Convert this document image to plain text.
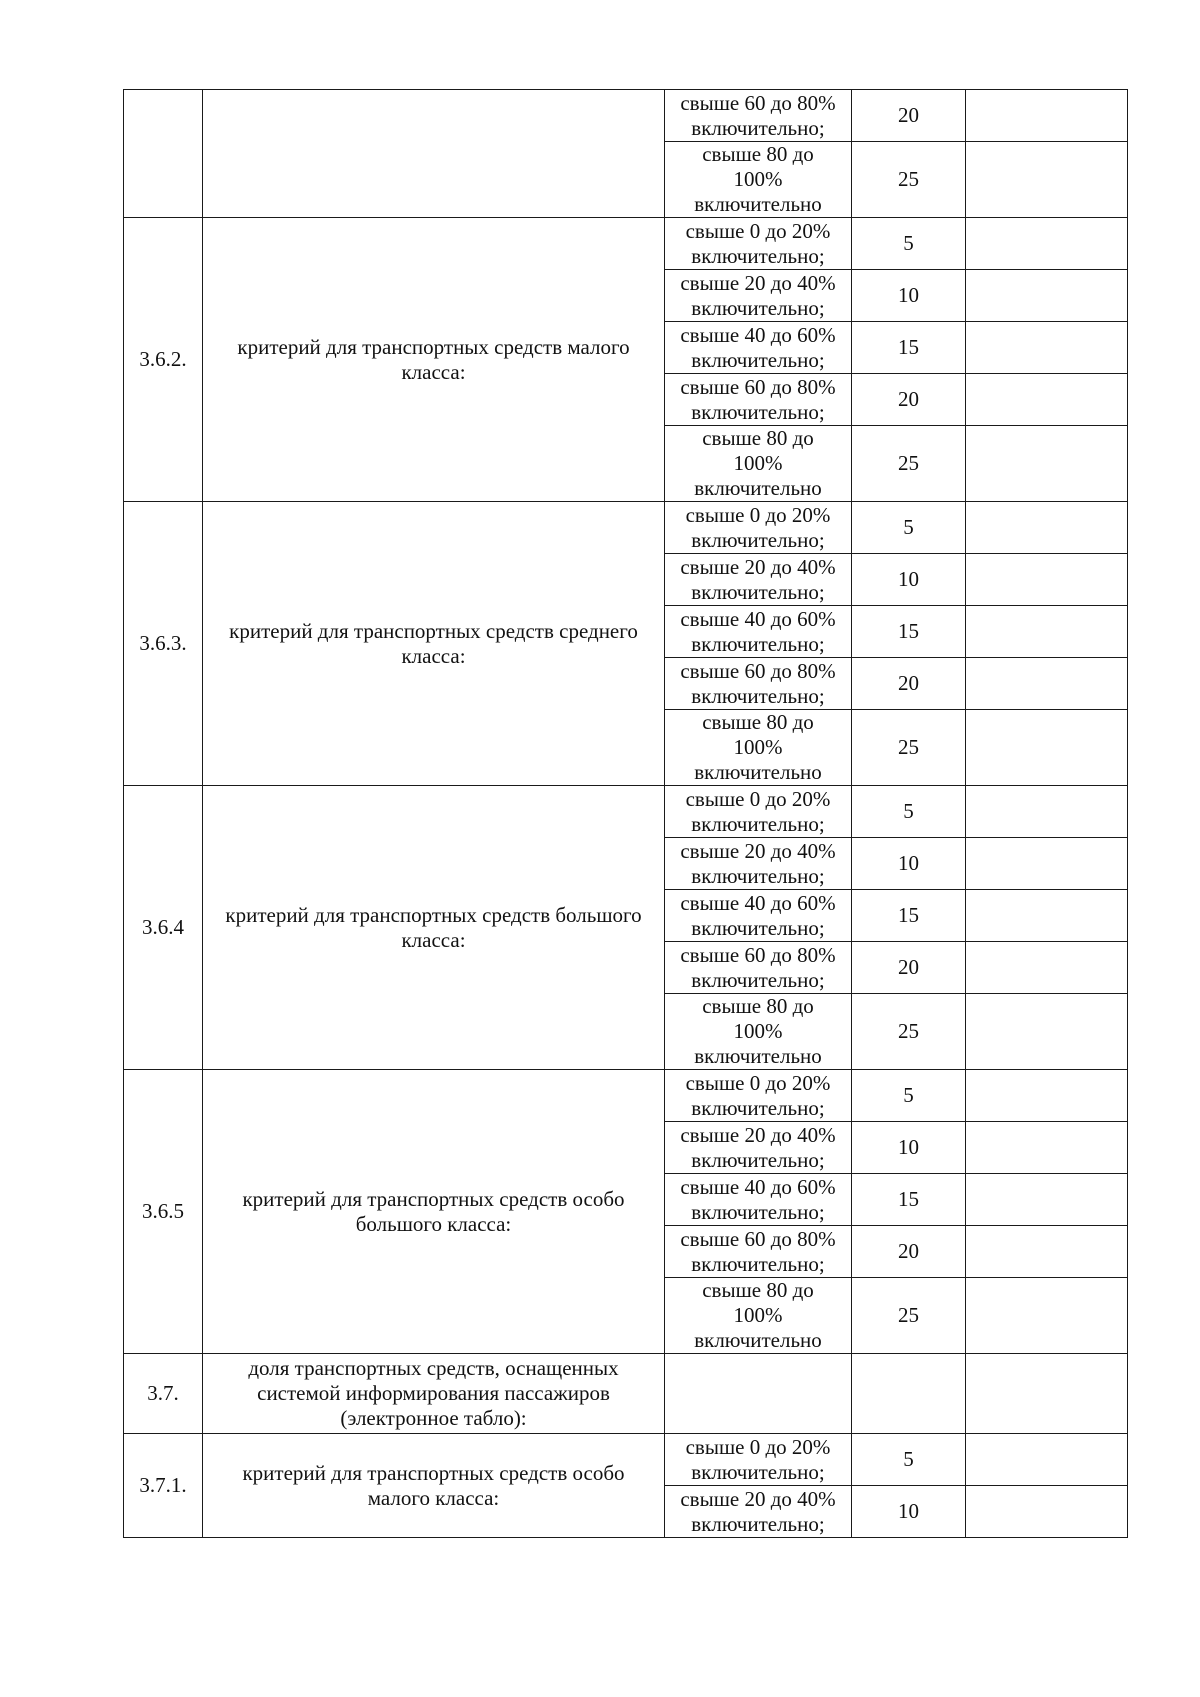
		свыше 60 до 80%
включительно;	20	
		свыше 80 до
100%
включительно	25	
3.6.2.	критерий для транспортных средств малого класса:	свыше 0 до 20%
включительно;	5	
		свыше 20 до 40%
включительно;	10	
		свыше 40 до 60%
включительно;	15	
		свыше 60 до 80%
включительно;	20	
		свыше 80 до
100%
включительно	25	
3.6.3.	критерий для транспортных средств среднего класса:	свыше 0 до 20%
включительно;	5	
		свыше 20 до 40%
включительно;	10	
		свыше 40 до 60%
включительно;	15	
		свыше 60 до 80%
включительно;	20	
		свыше 80 до
100%
включительно	25	
3.6.4	критерий для транспортных средств большого класса:	свыше 0 до 20%
включительно;	5	
		свыше 20 до 40%
включительно;	10	
		свыше 40 до 60%
включительно;	15	
		свыше 60 до 80%
включительно;	20	
		свыше 80 до
100%
включительно	25	
3.6.5	критерий для транспортных средств особо большого класса:	свыше 0 до 20%
включительно;	5	
		свыше 20 до 40%
включительно;	10	
		свыше 40 до 60%
включительно;	15	
		свыше 60 до 80%
включительно;	20	
		свыше 80 до
100%
включительно	25	
3.7.	доля транспортных средств, оснащенных системой информирования пассажиров (электронное табло):			
3.7.1.	критерий для транспортных средств особо малого класса:	свыше 0 до 20%
включительно;	5	
		свыше 20 до 40%
включительно;	10	
